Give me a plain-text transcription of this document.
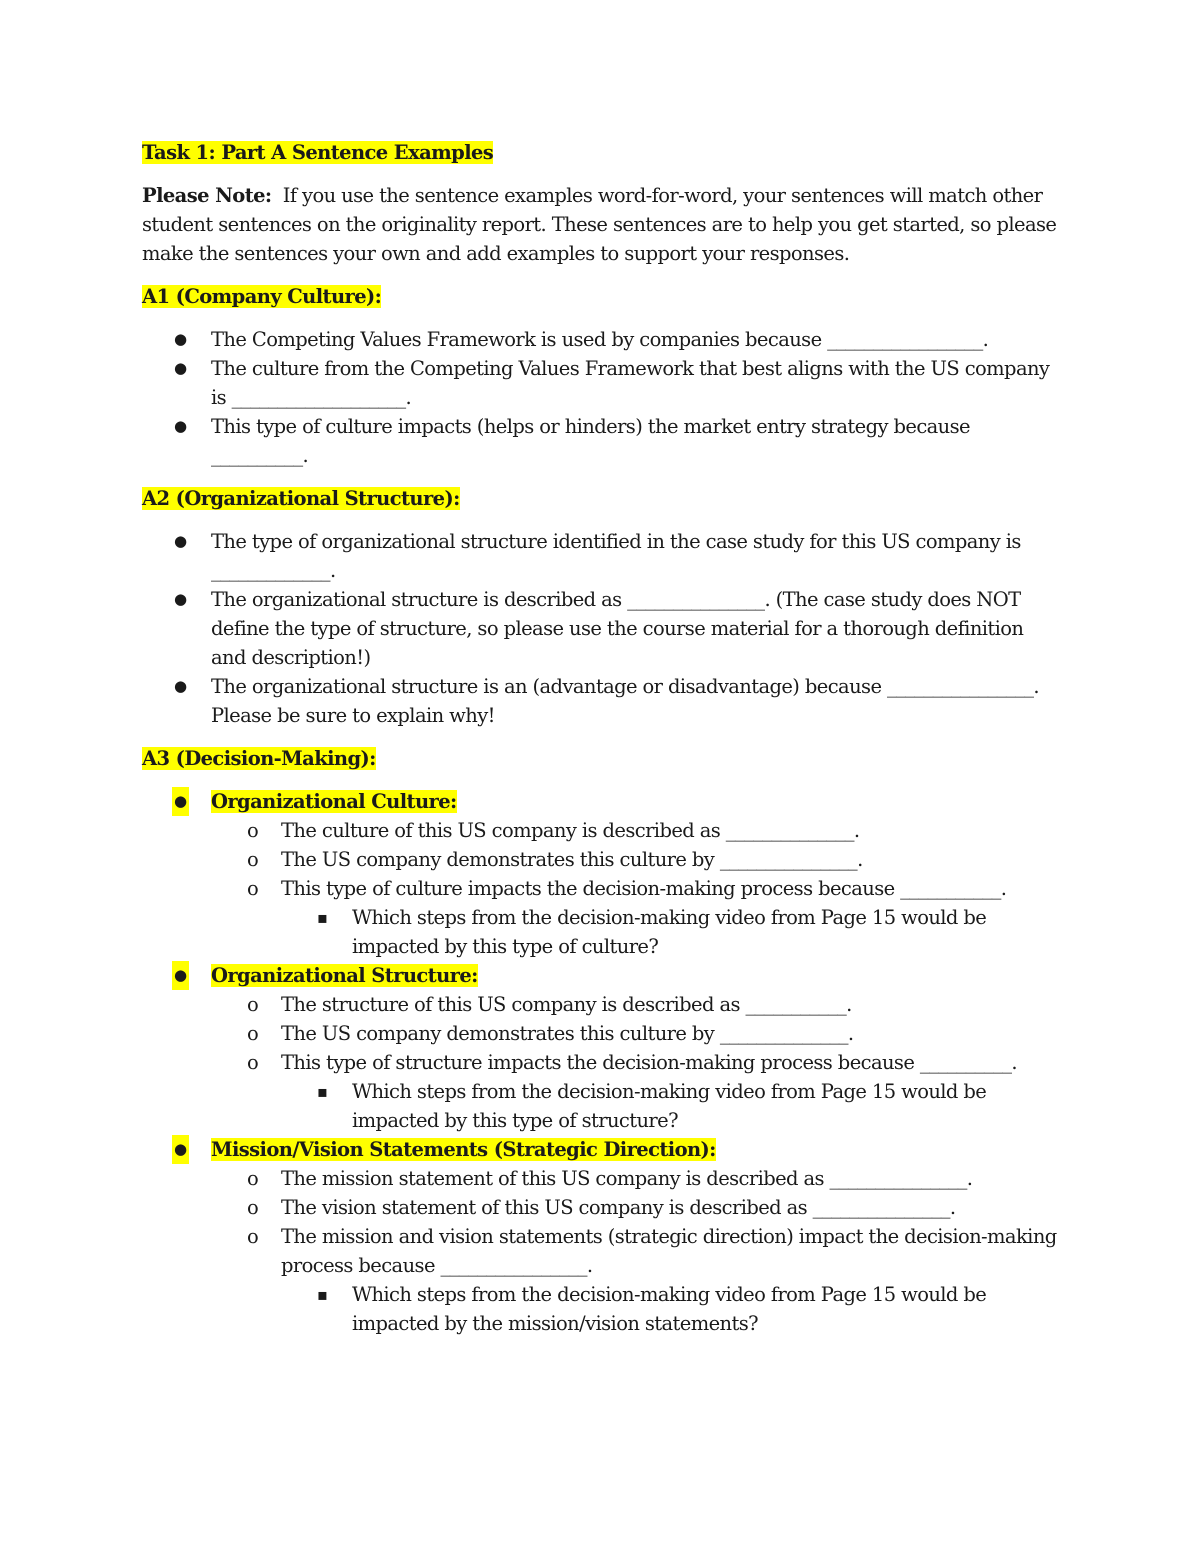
Task 1: Part A Sentence Examples

Please Note: If you use the sentence examples word-for-word, your sentences will match other student sentences on the originality report. These sentences are to help you get started, so please make the sentences your own and add examples to support your responses.

A1 (Company Culture):
● The Competing Values Framework is used by companies because _________________.
● The culture from the Competing Values Framework that best aligns with the US company is ___________________.
● This type of culture impacts (helps or hinders) the market entry strategy because __________.
A2 (Organizational Structure):
● The type of organizational structure identified in the case study for this US company is _____________.
● The organizational structure is described as _______________. (The case study does NOT define the type of structure, so please use the course material for a thorough definition and description!)
● The organizational structure is an (advantage or disadvantage) because ________________. Please be sure to explain why!
A3 (Decision-Making):
● Organizational Culture:
o The culture of this US company is described as ______________.
o The US company demonstrates this culture by _______________.
o This type of culture impacts the decision-making process because ___________.
▪ Which steps from the decision-making video from Page 15 would be impacted by this type of culture?
● Organizational Structure:
o The structure of this US company is described as ___________.
o The US company demonstrates this culture by ______________.
o This type of structure impacts the decision-making process because __________.
▪ Which steps from the decision-making video from Page 15 would be impacted by this type of structure?
● Mission/Vision Statements (Strategic Direction):
o The mission statement of this US company is described as _______________.
o The vision statement of this US company is described as _______________.
o The mission and vision statements (strategic direction) impact the decision-making process because ________________.
▪ Which steps from the decision-making video from Page 15 would be impacted by the mission/vision statements?
